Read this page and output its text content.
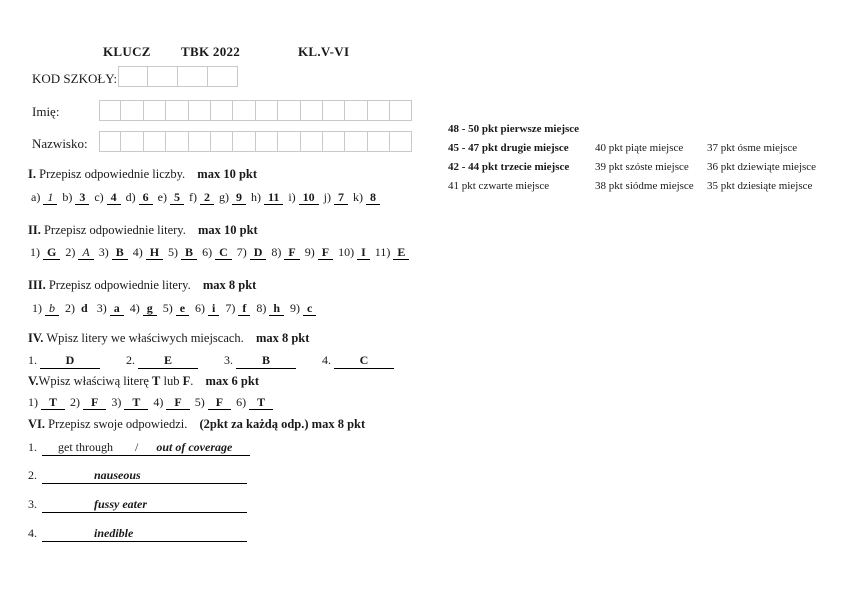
KLUCZ TBK 2022	KL.V-VI
KOD SZKOŁY:
Imię:
Nazwisko:
I. Przepisz odpowiednie liczby. max 10 pkt
a) 1 b) 3 c) 4 d) 6 e) 5 f) 2 g) 9 h) 11 i) 10 j) 7 k) 8
II. Przepisz odpowiednie litery. max 10 pkt
1) G 2) A 3) B 4) H 5) B 6) C 7) D 8) F 9) F 10) I 11) E
III. Przepisz odpowiednie litery. max 8 pkt
1) b 2) d 3) a 4) g 5) e 6) i 7) f 8) h 9) c
IV. Wpisz litery we właściwych miejscach. max 8 pkt
1. D	2. E	3. B	4. C
V.Wpisz właściwą literę T lub F. max 6 pkt
1) T	2) F	3) T	4) F	5) F	6) T
VI. Przepisz swoje odpowiedzi. (2pkt za każdą odp.) max 8 pkt
1. get through / out of coverage
2.	nauseous
3.	fussy eater
4.	inedible
48 - 50 pkt pierwsze miejsce
45 - 47 pkt drugie miejsce	40 pkt piąte miejsce	37 pkt ósme miejsce
42 - 44 pkt trzecie miejsce	39 pkt szóste miejsce	36 pkt dziewiąte miejsce
41 pkt czwarte miejsce	38 pkt siódme miejsce	35 pkt dziesiąte miejsce
